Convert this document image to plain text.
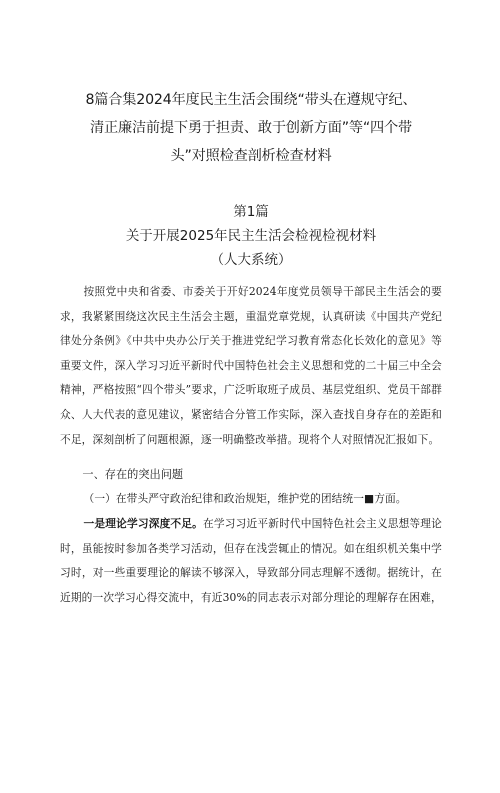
8篇合集2024年度民主生活会围绕“带头在遵规守纪、
清正廉洁前提下勇于担责、敢于创新方面”等“四个带
头”对照检查剖析检查材料
第1篇
关于开展2025年民主生活会检视检视材料
（人大系统）

按照党中央和省委、市委关于开好2024年度党员领导干部民主生活会的要求，我紧紧围绕这次民主生活会主题，重温党章党规，认真研读《中国共产党纪律处分条例》《中共中央办公厅关于推进党纪学习教育常态化长效化的意见》等重要文件，深入学习习近平新时代中国特色社会主义思想和党的二十届三中全会精神，严格按照“四个带头”要求，广泛听取班子成员、基层党组织、党员干部群众、人大代表的意见建议，紧密结合分管工作实际，深入查找自身存在的差距和不足，深刻剖析了问题根源，逐一明确整改举措。现将个人对照情况汇报如下。

一、存在的突出问题
（一）在带头严守政治纪律和政治规矩，维护党的团结统一■方面。
一是理论学习深度不足。在学习习近平新时代中国特色社会主义思想等理论时，虽能按时参加各类学习活动，但存在浅尝辄止的情况。如在组织机关集中学习时，对一些重要理论的解读不够深入，导致部分同志理解不透彻。据统计，在近期的一次学习心得交流中，有近30%的同志表示对部分理论的理解存在困难，
